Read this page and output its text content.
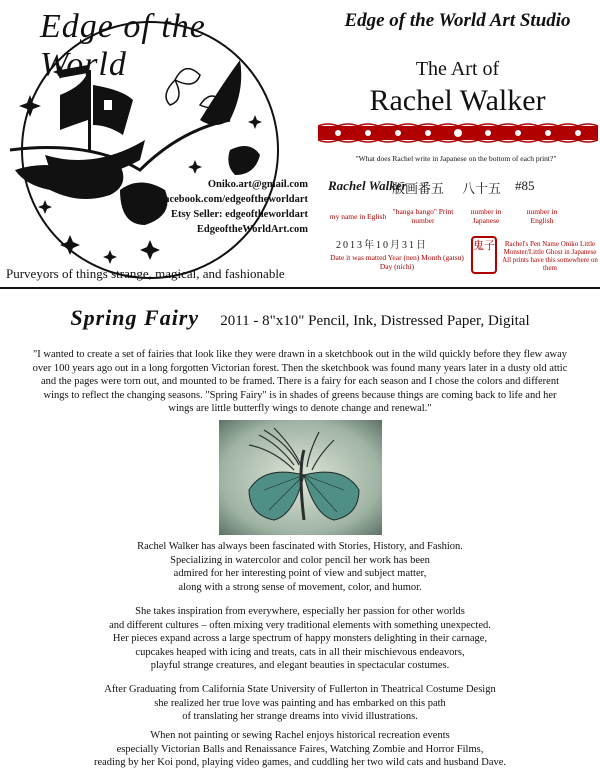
Edge of the World
Oniko.art@gmail.com
Facebook.com/edgeoftheworldart
Etsy Seller: edgeoftheworldart
EdgeoftheWorldArt.com
Purveyors of things strange, magical, and fashionable
Edge of the World Art Studio
The Art of
Rachel Walker
"What does Rachel write in Japanese on the bottom of each print?"
Rachel Walker
版画番五 八十五 #85
my name in Eglish
"hanga bango" Print number
number in Japanese
number in English
2013年10月31日
Date it was matted Year (nen) Month (gatsu) Day (nichi)
鬼子	Rachel's Pen Name Oniko Little Monster/Little Ghost in Japanese All prints have this somewhere on them
Spring Fairy 2011 - 8"x10" Pencil, Ink, Distressed Paper, Digital
"I wanted to create a set of fairies that look like they were drawn in a sketchbook out in the wild quickly before they flew away over 100 years ago out in a long forgotten Victorian forest. Then the sketchbook was found many years later in a dusty old attic and the pages were torn out, and mounted to be framed. There is a fairy for each season and I chose the colors and different wings to reflect the changing seasons. "Spring Fairy" is in shades of greens because things are coming back to life and her wings are little butterfly wings to denote change and renewal."
Rachel Walker has always been fascinated with Stories, History, and Fashion.
Specializing in watercolor and color pencil her work has been
admired for her interesting point of view and subject matter,
along with a strong sense of movement, color, and humor.
She takes inspiration from everywhere, especially her passion for other worlds
and different cultures – often mixing very traditional elements with something unexpected.
Her pieces expand across a large spectrum of happy monsters delighting in their carnage,
cupcakes heaped with icing and treats, cats in all their mischievous endeavors,
playful strange creatures, and elegant beauties in spectacular costumes.
After Graduating from California State University of Fullerton in Theatrical Costume Design
she realized her true love was painting and has embarked on this path
of translating her strange dreams into vivid illustrations.
When not painting or sewing Rachel enjoys historical recreation events
especially Victorian Balls and Renaissance Faires, Watching Zombie and Horror Films,
reading by her Koi pond, playing video games, and cuddling her two wild cats and husband Dave.
